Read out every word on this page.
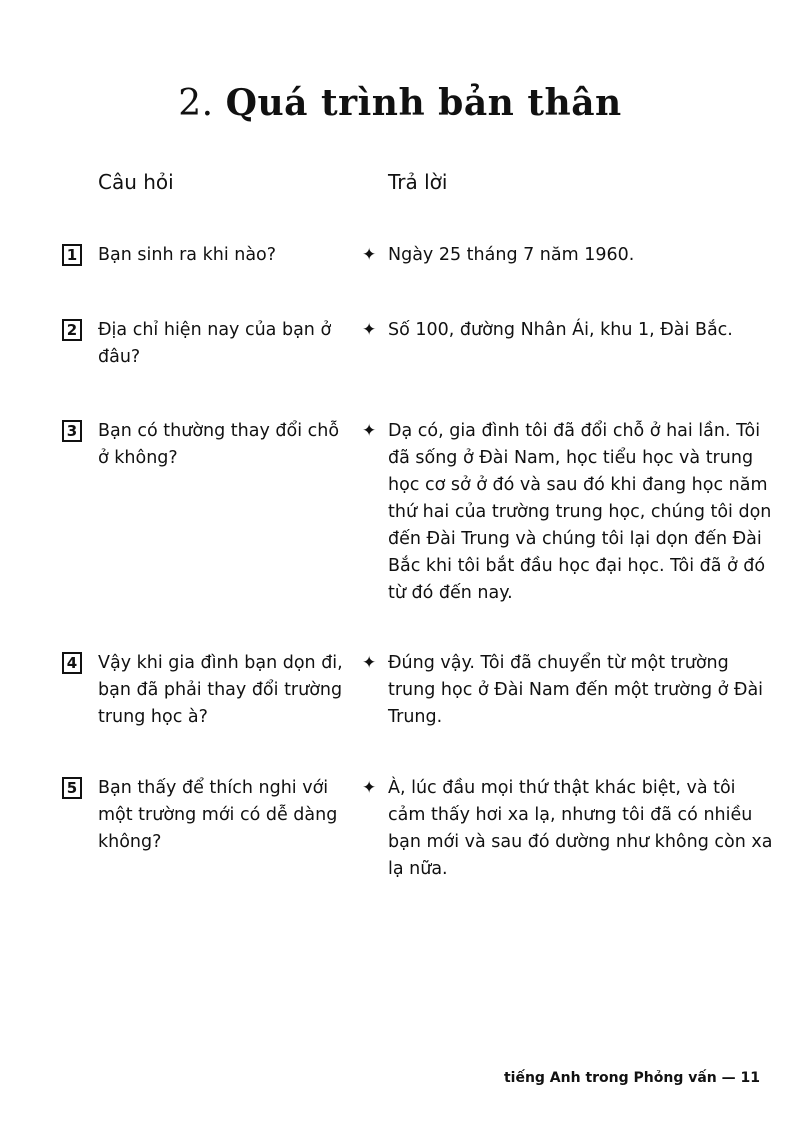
2. Quá trình bản thân
Câu hỏi	Trả lời
1 Bạn sinh ra khi nào?	✦ Ngày 25 tháng 7 năm 1960.
2 Địa chỉ hiện nay của bạn ở đâu?
✦ Số 100, đường Nhân Ái, khu 1, Đài Bắc.
3 Bạn có thường thay đổi chỗ ở không?
✦ Dạ có, gia đình tôi đã đổi chỗ ở hai lần. Tôi đã sống ở Đài Nam, học tiểu học và trung học cơ sở ở đó và sau đó khi đang học năm thứ hai của trường trung học, chúng tôi dọn đến Đài Trung và chúng tôi lại dọn đến Đài Bắc khi tôi bắt đầu học đại học. Tôi đã ở đó từ đó đến nay.
4 Vậy khi gia đình bạn dọn đi, bạn đã phải thay đổi trường trung học à?
✦ Đúng vậy. Tôi đã chuyển từ một trường trung học ở Đài Nam đến một trường ở Đài Trung.
5 Bạn thấy để thích nghi với một trường mới có dễ dàng không?
✦ À, lúc đầu mọi thứ thật khác biệt, và tôi cảm thấy hơi xa lạ, nhưng tôi đã có nhiều bạn mới và sau đó dường như không còn xa lạ nữa.
tiếng Anh trong Phỏng vấn — 11
